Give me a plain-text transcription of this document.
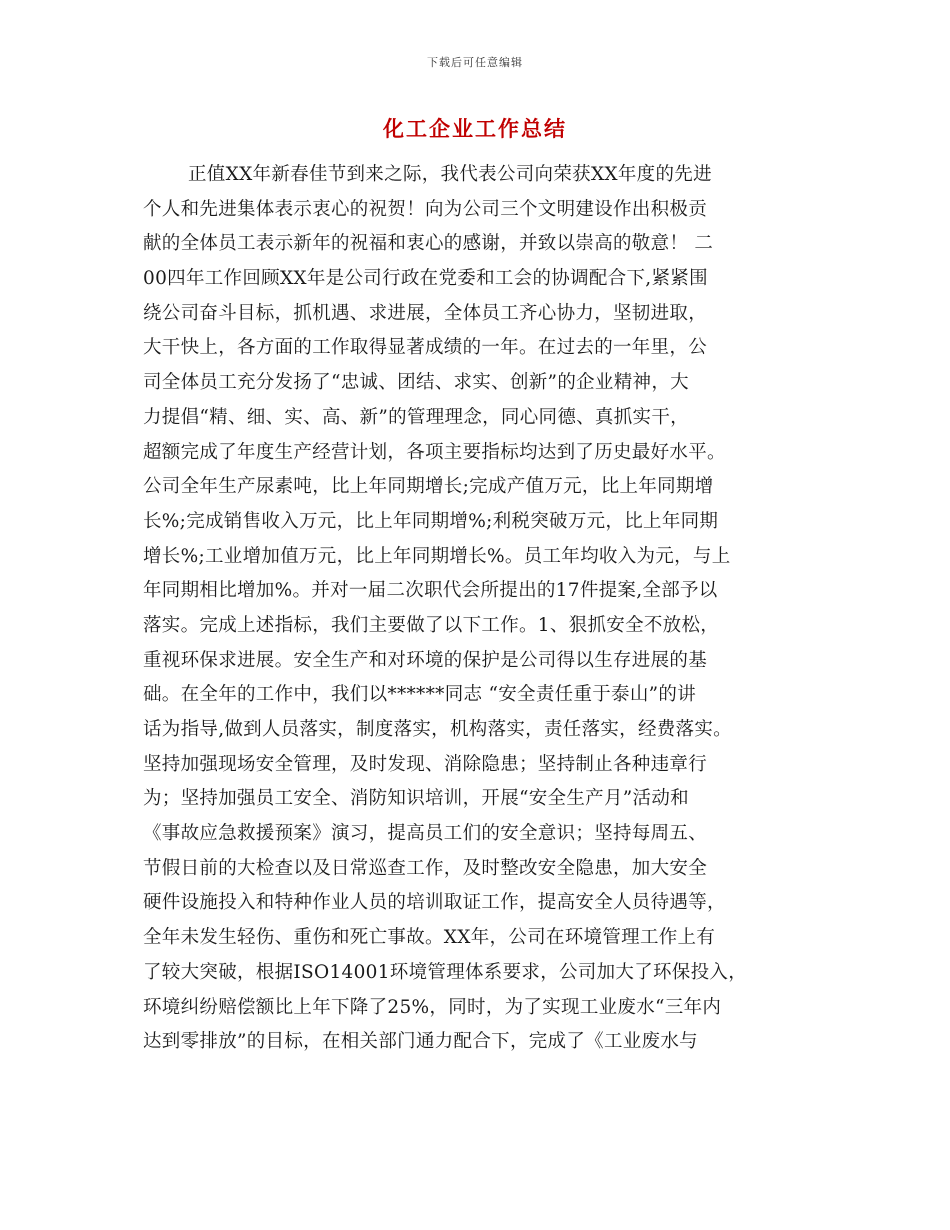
下载后可任意编辑
化工企业工作总结
正值XX年新春佳节到来之际，我代表公司向荣获XX年度的先进
个人和先进集体表示衷心的祝贺！向为公司三个文明建设作出积极贡
献的全体员工表示新年的祝福和衷心的感谢，并致以崇高的敬意！ 二
00四年工作回顾XX年是公司行政在党委和工会的协调配合下,紧紧围
绕公司奋斗目标，抓机遇、求进展，全体员工齐心协力，坚韧进取，
大干快上，各方面的工作取得显著成绩的一年。在过去的一年里，公
司全体员工充分发扬了“忠诚、团结、求实、创新”的企业精神，大
力提倡“精、细、实、高、新”的管理理念，同心同德、真抓实干，
超额完成了年度生产经营计划，各项主要指标均达到了历史最好水平。
公司全年生产尿素吨，比上年同期增长;完成产值万元，比上年同期增
长%;完成销售收入万元，比上年同期增%;利税突破万元，比上年同期
增长%;工业增加值万元，比上年同期增长%。员工年均收入为元，与上
年同期相比增加%。并对一届二次职代会所提出的17件提案,全部予以
落实。完成上述指标，我们主要做了以下工作。1、狠抓安全不放松，
重视环保求进展。安全生产和对环境的保护是公司得以生存进展的基
础。在全年的工作中，我们以******同志 “安全责任重于泰山”的讲
话为指导,做到人员落实，制度落实，机构落实，责任落实，经费落实。
坚持加强现场安全管理，及时发现、消除隐患；坚持制止各种违章行
为；坚持加强员工安全、消防知识培训，开展“安全生产月”活动和
《事故应急救援预案》演习，提高员工们的安全意识；坚持每周五、
节假日前的大检查以及日常巡查工作，及时整改安全隐患，加大安全
硬件设施投入和特种作业人员的培训取证工作，提高安全人员待遇等，
全年未发生轻伤、重伤和死亡事故。XX年，公司在环境管理工作上有
了较大突破，根据ISO14001环境管理体系要求，公司加大了环保投入，
环境纠纷赔偿额比上年下降了25%，同时，为了实现工业废水“三年内
达到零排放”的目标，在相关部门通力配合下，完成了《工业废水与
